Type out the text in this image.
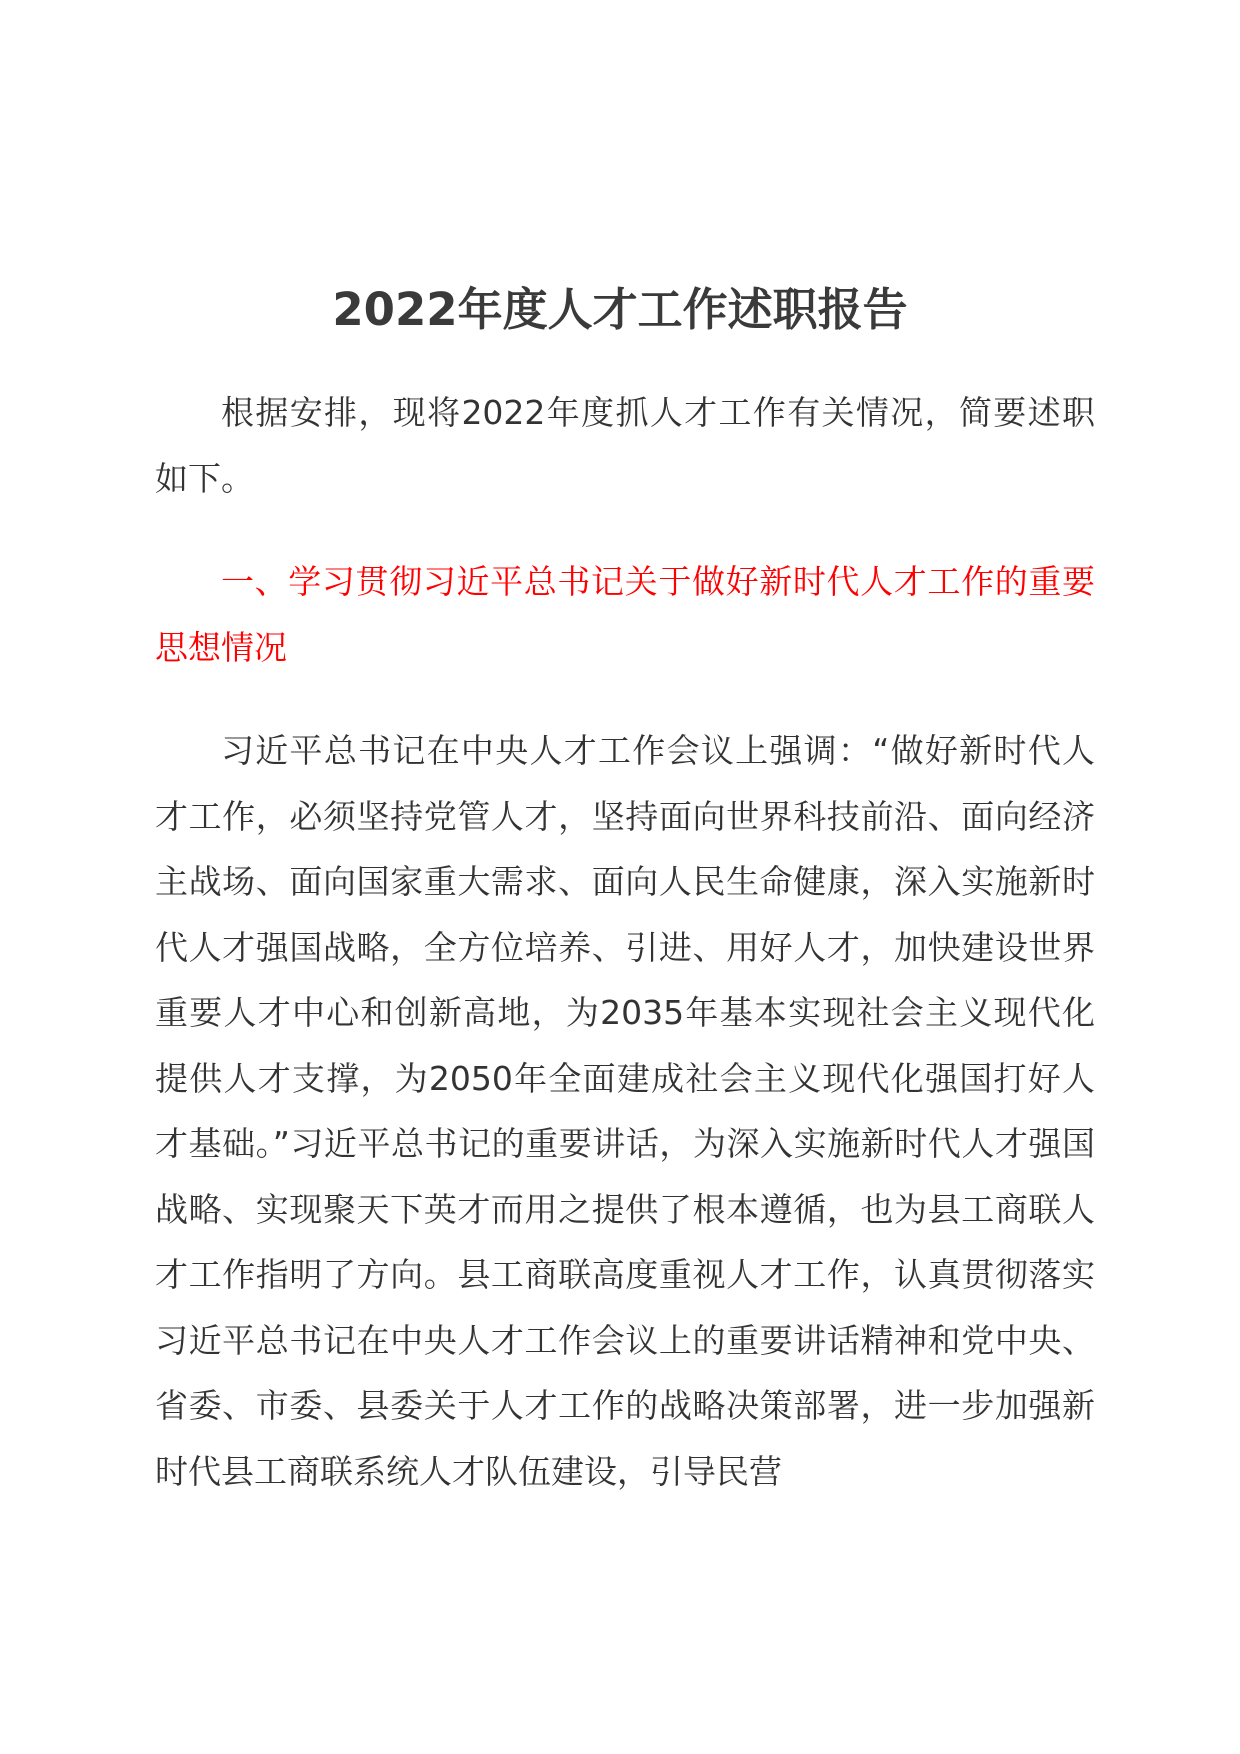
2022年度人才工作述职报告

根据安排，现将2022年度抓人才工作有关情况，简要述职如下。

一、学习贯彻习近平总书记关于做好新时代人才工作的重要思想情况

习近平总书记在中央人才工作会议上强调：“做好新时代人才工作，必须坚持党管人才，坚持面向世界科技前沿、面向经济主战场、面向国家重大需求、面向人民生命健康，深入实施新时代人才强国战略，全方位培养、引进、用好人才，加快建设世界重要人才中心和创新高地，为2035年基本实现社会主义现代化提供人才支撑，为2050年全面建成社会主义现代化强国打好人才基础。”习近平总书记的重要讲话，为深入实施新时代人才强国战略、实现聚天下英才而用之提供了根本遵循，也为县工商联人才工作指明了方向。县工商联高度重视人才工作，认真贯彻落实习近平总书记在中央人才工作会议上的重要讲话精神和党中央、省委、市委、县委关于人才工作的战略决策部署，进一步加强新时代县工商联系统人才队伍建设，引导民营
